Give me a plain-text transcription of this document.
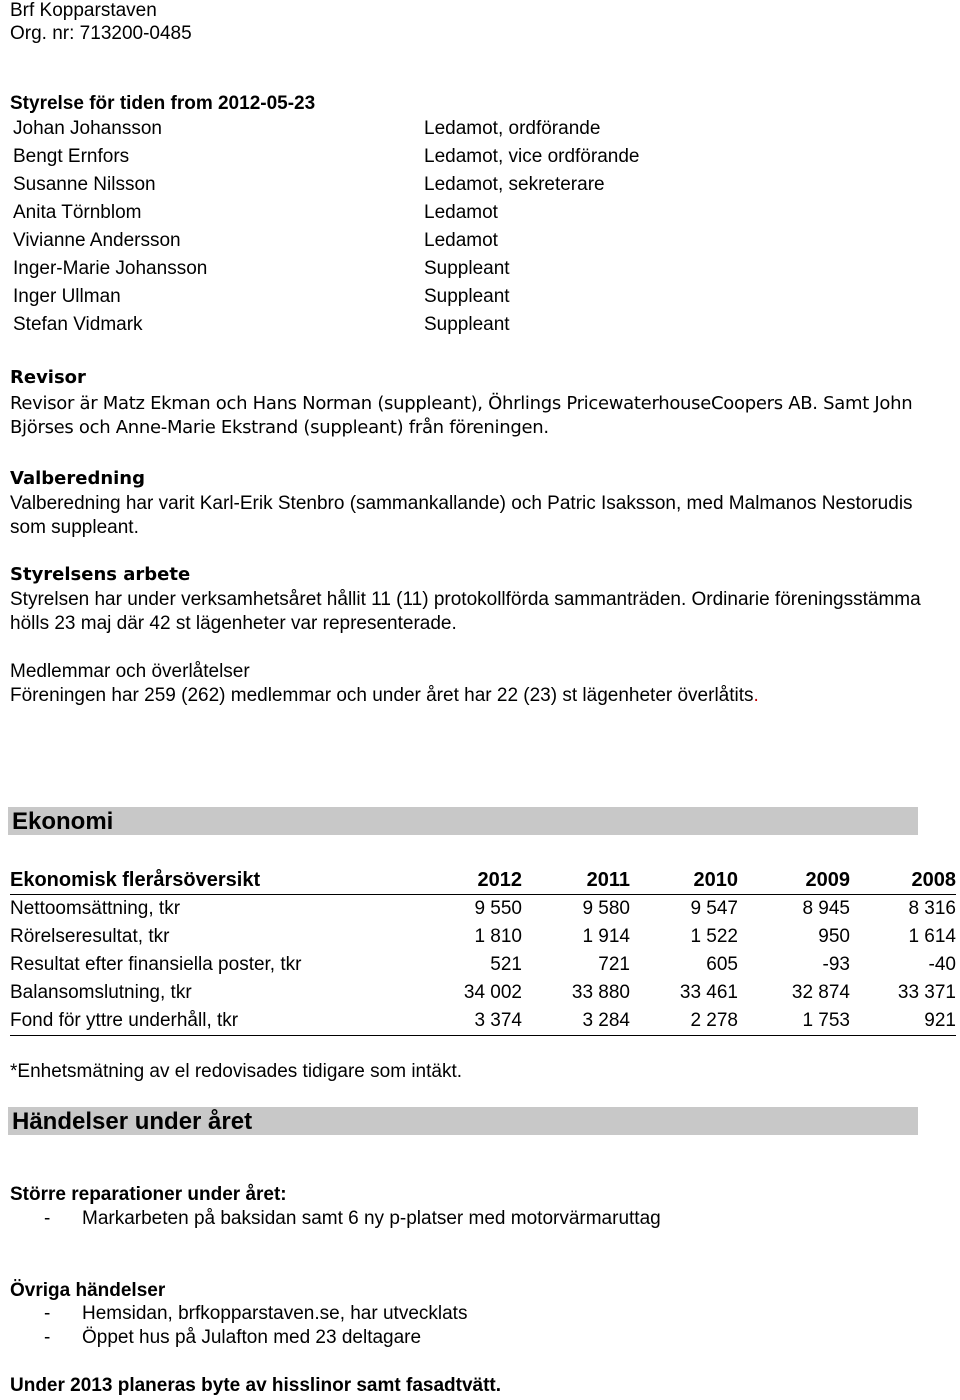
Brf Kopparstaven
Org. nr: 713200-0485
Styrelse för tiden from 2012-05-23
Johan Johansson	Ledamot, ordförande
Bengt Ernfors	Ledamot, vice ordförande
Susanne Nilsson	Ledamot, sekreterare
Anita Törnblom	Ledamot
Vivianne Andersson	Ledamot
Inger-Marie Johansson	Suppleant
Inger Ullman	Suppleant
Stefan Vidmark	Suppleant
Revisor
Revisor är Matz Ekman och Hans Norman (suppleant), Öhrlings PricewaterhouseCoopers AB. Samt John Björses och Anne-Marie Ekstrand (suppleant) från föreningen.
Valberedning
Valberedning har varit Karl-Erik Stenbro (sammankallande) och Patric Isaksson, med Malmanos Nestorudis som suppleant.
Styrelsens arbete
Styrelsen har under verksamhetsåret hållit 11 (11) protokollförda sammanträden. Ordinarie föreningsstämma hölls 23 maj där 42 st lägenheter var representerade.
Medlemmar och överlåtelser
Föreningen har 259 (262) medlemmar och under året har 22 (23) st lägenheter överlåtits.
Ekonomi
Ekonomisk flerårsöversikt	2012	2011	2010	2009	2008
Nettoomsättning, tkr	9 550	9 580	9 547	8 945	8 316
Rörelseresultat, tkr	1 810	1 914	1 522	950	1 614
Resultat efter finansiella poster, tkr	521	721	605	-93	-40
Balansomslutning, tkr	34 002	33 880	33 461	32 874	33 371
Fond för yttre underhåll, tkr	3 374	3 284	2 278	1 753	921
*Enhetsmätning av el redovisades tidigare som intäkt.
Händelser under året
Större reparationer under året:
- Markarbeten på baksidan samt 6 ny p-platser med motorvärmaruttag
Övriga händelser
- Hemsidan, brfkopparstaven.se, har utvecklats
- Öppet hus på Julafton med 23 deltagare
Under 2013 planeras byte av hisslinor samt fasadtvätt.
